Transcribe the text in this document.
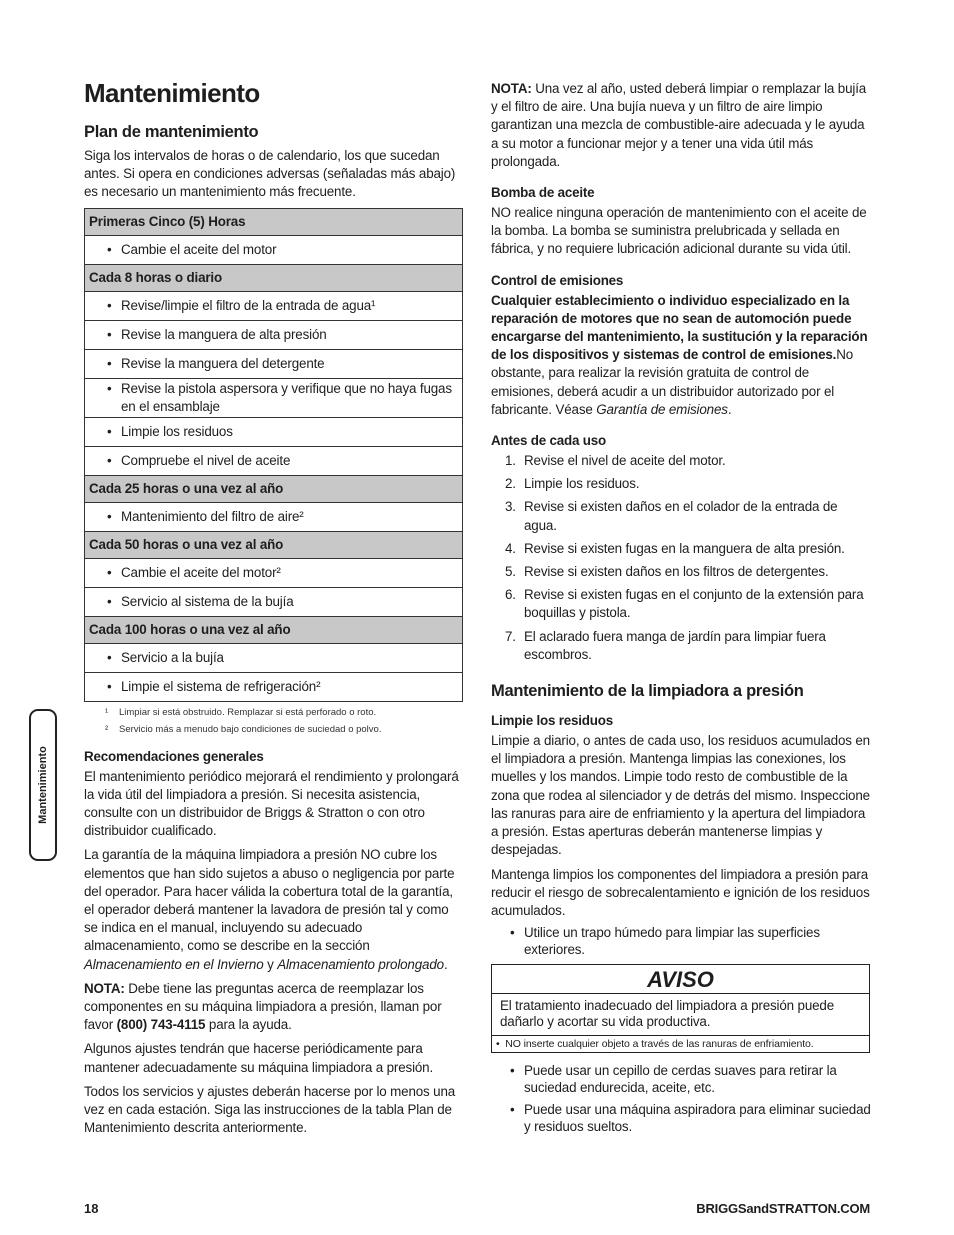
Mantenimiento
Plan de mantenimiento

Siga los intervalos de horas o de calendario, los que sucedan antes. Si opera en condiciones adversas (señaladas más abajo) es necesario un mantenimiento más frecuente.

Primeras Cinco (5) Horas

• Cambie el aceite del motor
Cada 8 horas o diario

• Revise/limpie el filtro de la entrada de agua¹

• Revise la manguera de alta presión

• Revise la manguera del detergente

• Revise la pistola aspersora y verifique que no haya fugas en el ensamblaje

• Limpie los residuos

• Compruebe el nivel de aceite
Cada 25 horas o una vez al año

• Mantenimiento del filtro de aire²
Cada 50 horas o una vez al año

• Cambie el aceite del motor²

• Servicio al sistema de la bujía
Cada 100 horas o una vez al año

• Servicio a la bujía

• Limpie el sistema de refrigeración²
¹ Limpiar si está obstruido. Remplazar si está perforado o roto.
² Servicio más a menudo bajo condiciones de suciedad o polvo.
Recomendaciones generales

El mantenimiento periódico mejorará el rendimiento y prolongará la vida útil del limpiadora a presión. Si necesita asistencia, consulte con un distribuidor de Briggs & Stratton o con otro distribuidor cualificado.

La garantía de la máquina limpiadora a presión NO cubre los elementos que han sido sujetos a abuso o negligencia por parte del operador. Para hacer válida la cobertura total de la garantía, el operador deberá mantener la lavadora de presión tal y como se indica en el manual, incluyendo su adecuado almacenamiento, como se describe en la sección Almacenamiento en el Invierno y Almacenamiento prolongado.

NOTA: Debe tiene las preguntas acerca de reemplazar los componentes en su máquina limpiadora a presión, llaman por favor (800) 743-4115 para la ayuda.

Algunos ajustes tendrán que hacerse periódicamente para mantener adecuadamente su máquina limpiadora a presión.

Todos los servicios y ajustes deberán hacerse por lo menos una vez en cada estación. Siga las instrucciones de la tabla Plan de Mantenimiento descrita anteriormente.

NOTA: Una vez al año, usted deberá limpiar o remplazar la bujía y el filtro de aire. Una bujía nueva y un filtro de aire limpio garantizan una mezcla de combustible-aire adecuada y le ayuda a su motor a funcionar mejor y a tener una vida útil más prolongada.

Bomba de aceite

NO realice ninguna operación de mantenimiento con el aceite de la bomba. La bomba se suministra prelubricada y sellada en fábrica, y no requiere lubricación adicional durante su vida útil.

Control de emisiones

Cualquier establecimiento o individuo especializado en la reparación de motores que no sean de automoción puede encargarse del mantenimiento, la sustitución y la reparación de los dispositivos y sistemas de control de emisiones.No obstante, para realizar la revisión gratuita de control de emisiones, deberá acudir a un distribuidor autorizado por el fabricante. Véase Garantía de emisiones.

Antes de cada uso
1. Revise el nivel de aceite del motor.
2. Limpie los residuos.
3. Revise si existen daños en el colador de la entrada de agua.
4. Revise si existen fugas en la manguera de alta presión.
5. Revise si existen daños en los filtros de detergentes.
6. Revise si existen fugas en el conjunto de la extensión para boquillas y pistola.
7. El aclarado fuera manga de jardín para limpiar fuera escombros.
Mantenimiento de la limpiadora a presión
Limpie los residuos

Limpie a diario, o antes de cada uso, los residuos acumulados en el limpiadora a presión. Mantenga limpias las conexiones, los muelles y los mandos. Limpie todo resto de combustible de la zona que rodea al silenciador y de detrás del mismo. Inspeccione las ranuras para aire de enfriamiento y la apertura del limpiadora a presión. Estas aperturas deberán mantenerse limpias y despejadas.

Mantenga limpios los componentes del limpiadora a presión para reducir el riesgo de sobrecalentamiento e ignición de los residuos acumulados.

• Utilice un trapo húmedo para limpiar las superficies exteriores.
AVISO
El tratamiento inadecuado del limpiadora a presión puede dañarlo y acortar su vida productiva.
• NO inserte cualquier objeto a través de las ranuras de enfriamiento.
• Puede usar un cepillo de cerdas suaves para retirar la suciedad endurecida, aceite, etc.
• Puede usar una máquina aspiradora para eliminar suciedad y residuos sueltos.
Mantenimiento
18	BRIGGSandSTRATTON.COM
